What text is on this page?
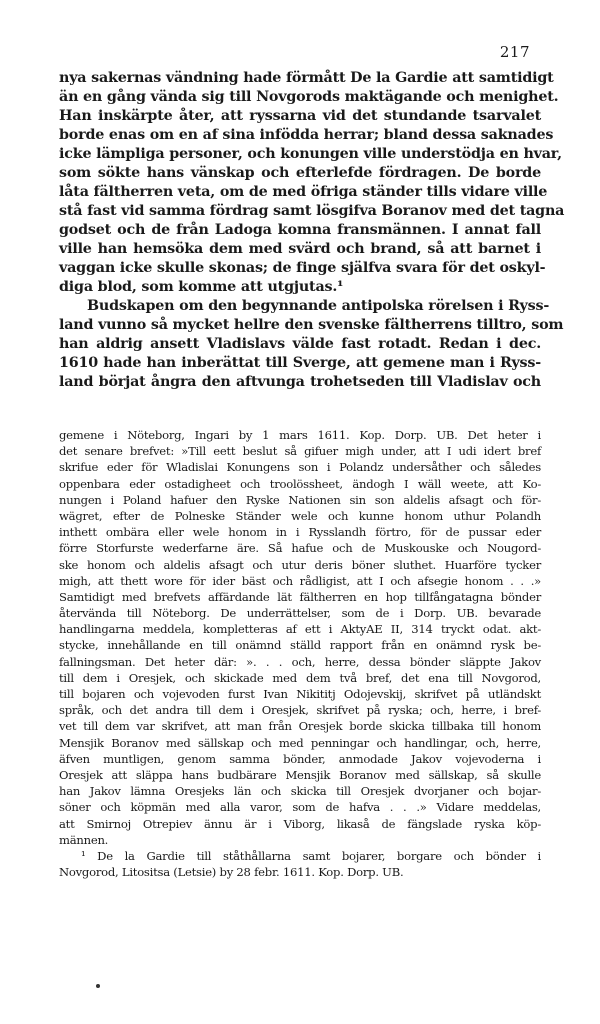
217
nya sakernas vändning hade förmått De la Gardie att samtidigt
än en gång vända sig till Novgorods maktägande och menighet.
Han inskärpte åter, att ryssarna vid det stundande tsarvalet
borde enas om en af sina infödda herrar; bland dessa saknades
icke lämpliga personer, och konungen ville understödja en hvar,
som sökte hans vänskap och efterlefde fördragen. De borde
låta fältherren veta, om de med öfriga ständer tills vidare ville
stå fast vid samma fördrag samt lösgifva Boranov med det tagna
godset och de från Ladoga komna fransmännen. I annat fall
ville han hemsöka dem med svärd och brand, så att barnet i
vaggan icke skulle skonas; de finge själfva svara för det oskyl-
diga blod, som komme att utgjutas.¹
Budskapen om den begynnande antipolska rörelsen i Ryss-
land vunno så mycket hellre den svenske fältherrens tilltro, som
han aldrig ansett Vladislavs välde fast rotadt. Redan i dec.
1610 hade han inberättat till Sverge, att gemene man i Ryss-
land börjat ångra den aftvunga trohetseden till Vladislav och
gemene i Nöteborg, Ingari by 1 mars 1611. Kop. Dorp. UB. Det heter i
det senare brefvet: »Till eett beslut så gifuer migh under, att I udi idert bref
skrifue eder för Wladislai Konungens son i Polandz undersåther och således
oppenbara eder ostadigheet och troolössheet, ändogh I wäll weete, att Ko-
nungen i Poland hafuer den Ryske Nationen sin son aldelis afsagt och för-
wägret, efter de Polneske Ständer wele och kunne honom uthur Polandh
inthett ombära eller wele honom in i Rysslandh förtro, för de pussar eder
förre Storfurste wederfarne äre. Så hafue och de Muskouske och Nougord-
ske honom och aldelis afsagt och utur deris böner sluthet. Huarföre tycker
migh, att thett wore för ider bäst och rådligist, att I och afsegie honom . . .»
Samtidigt med brefvets affärdande lät fältherren en hop tillfångatagna bönder
återvända till Nöteborg. De underrättelser, som de i Dorp. UB. bevarade
handlingarna meddela, kompletteras af ett i AktyAE II, 314 tryckt odat. akt-
stycke, innehållande en till onämnd ställd rapport från en onämnd rysk be-
fallningsman. Det heter där: ». . . och, herre, dessa bönder släppte Jakov
till dem i Oresjek, och skickade med dem två bref, det ena till Novgorod,
till bojaren och vojevoden furst Ivan Nikititj Odojevskij, skrifvet på utländskt
språk, och det andra till dem i Oresjek, skrifvet på ryska; och, herre, i bref-
vet till dem var skrifvet, att man från Oresjek borde skicka tillbaka till honom
Mensjik Boranov med sällskap och med penningar och handlingar, och, herre,
äfven muntligen, genom samma bönder, anmodade Jakov vojevoderna i
Oresjek att släppa hans budbärare Mensjik Boranov med sällskap, så skulle
han Jakov lämna Oresjeks län och skicka till Oresjek dvorjaner och bojar-
söner och köpmän med alla varor, som de hafva . . .» Vidare meddelas,
att Smirnoj Otrepiev ännu är i Viborg, likaså de fängslade ryska köp-
männen.
¹ De la Gardie till ståthållarna samt bojarer, borgare och bönder i
Novgorod, Litositsa (Letsie) by 28 febr. 1611. Kop. Dorp. UB.
